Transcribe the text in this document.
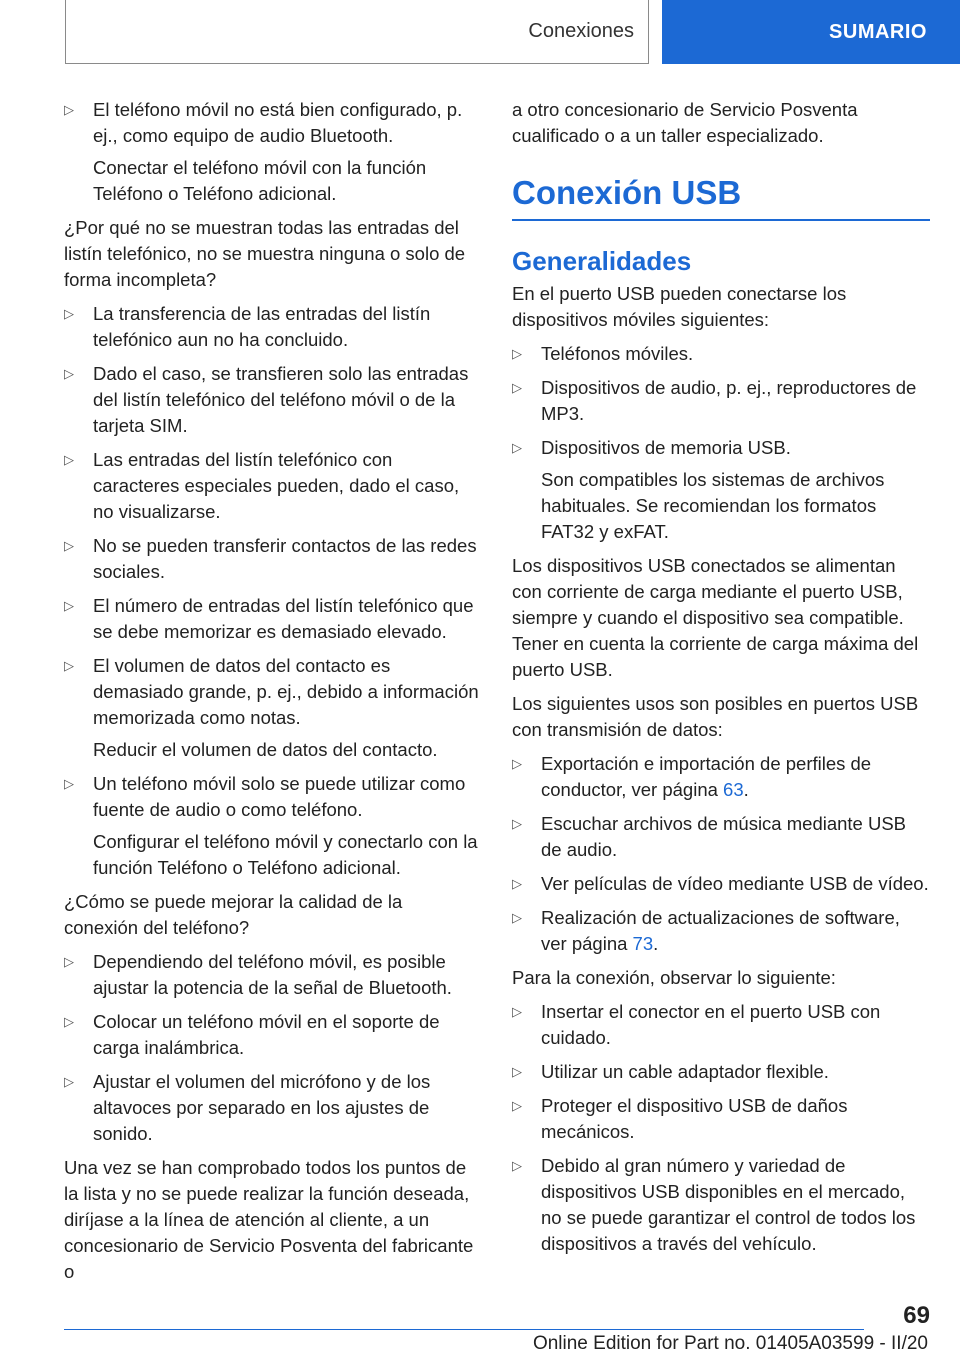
Conexiones	SUMARIO

▷ El teléfono móvil no está bien configurado, p. ej., como equipo de audio Bluetooth.

Conectar el teléfono móvil con la función Teléfono o Teléfono adicional.

¿Por qué no se muestran todas las entradas del listín telefónico, no se muestra ninguna o solo de forma incompleta?

▷ La transferencia de las entradas del listín telefónico aun no ha concluido.

▷ Dado el caso, se transfieren solo las entradas del listín telefónico del teléfono móvil o de la tarjeta SIM.

▷ Las entradas del listín telefónico con caracteres especiales pueden, dado el caso, no visualizarse.

▷ No se pueden transferir contactos de las redes sociales.

▷ El número de entradas del listín telefónico que se debe memorizar es demasiado elevado.

▷ El volumen de datos del contacto es demasiado grande, p. ej., debido a información memorizada como notas.

Reducir el volumen de datos del contacto.

▷ Un teléfono móvil solo se puede utilizar como fuente de audio o como teléfono.

Configurar el teléfono móvil y conectarlo con la función Teléfono o Teléfono adicional.

¿Cómo se puede mejorar la calidad de la conexión del teléfono?

▷ Dependiendo del teléfono móvil, es posible ajustar la potencia de la señal de Bluetooth.

▷ Colocar un teléfono móvil en el soporte de carga inalámbrica.

▷ Ajustar el volumen del micrófono y de los altavoces por separado en los ajustes de sonido.

Una vez se han comprobado todos los puntos de la lista y no se puede realizar la función deseada, diríjase a la línea de atención al cliente, a un concesionario de Servicio Posventa del fabricante o

a otro concesionario de Servicio Posventa cualificado o a un taller especializado.

Conexión USB
Generalidades

En el puerto USB pueden conectarse los dispositivos móviles siguientes:

▷ Teléfonos móviles.

▷ Dispositivos de audio, p. ej., reproductores de MP3.

▷ Dispositivos de memoria USB.

Son compatibles los sistemas de archivos habituales. Se recomiendan los formatos FAT32 y exFAT.

Los dispositivos USB conectados se alimentan con corriente de carga mediante el puerto USB, siempre y cuando el dispositivo sea compatible. Tener en cuenta la corriente de carga máxima del puerto USB.

Los siguientes usos son posibles en puertos USB con transmisión de datos:

▷ Exportación e importación de perfiles de conductor, ver página 63.

▷ Escuchar archivos de música mediante USB de audio.

▷ Ver películas de vídeo mediante USB de vídeo.

▷ Realización de actualizaciones de software, ver página 73.

Para la conexión, observar lo siguiente:

▷ Insertar el conector en el puerto USB con cuidado.

▷ Utilizar un cable adaptador flexible.

▷ Proteger el dispositivo USB de daños mecánicos.

▷ Debido al gran número y variedad de dispositivos USB disponibles en el mercado, no se puede garantizar el control de todos los dispositivos a través del vehículo.

69
Online Edition for Part no. 01405A03599 - II/20
